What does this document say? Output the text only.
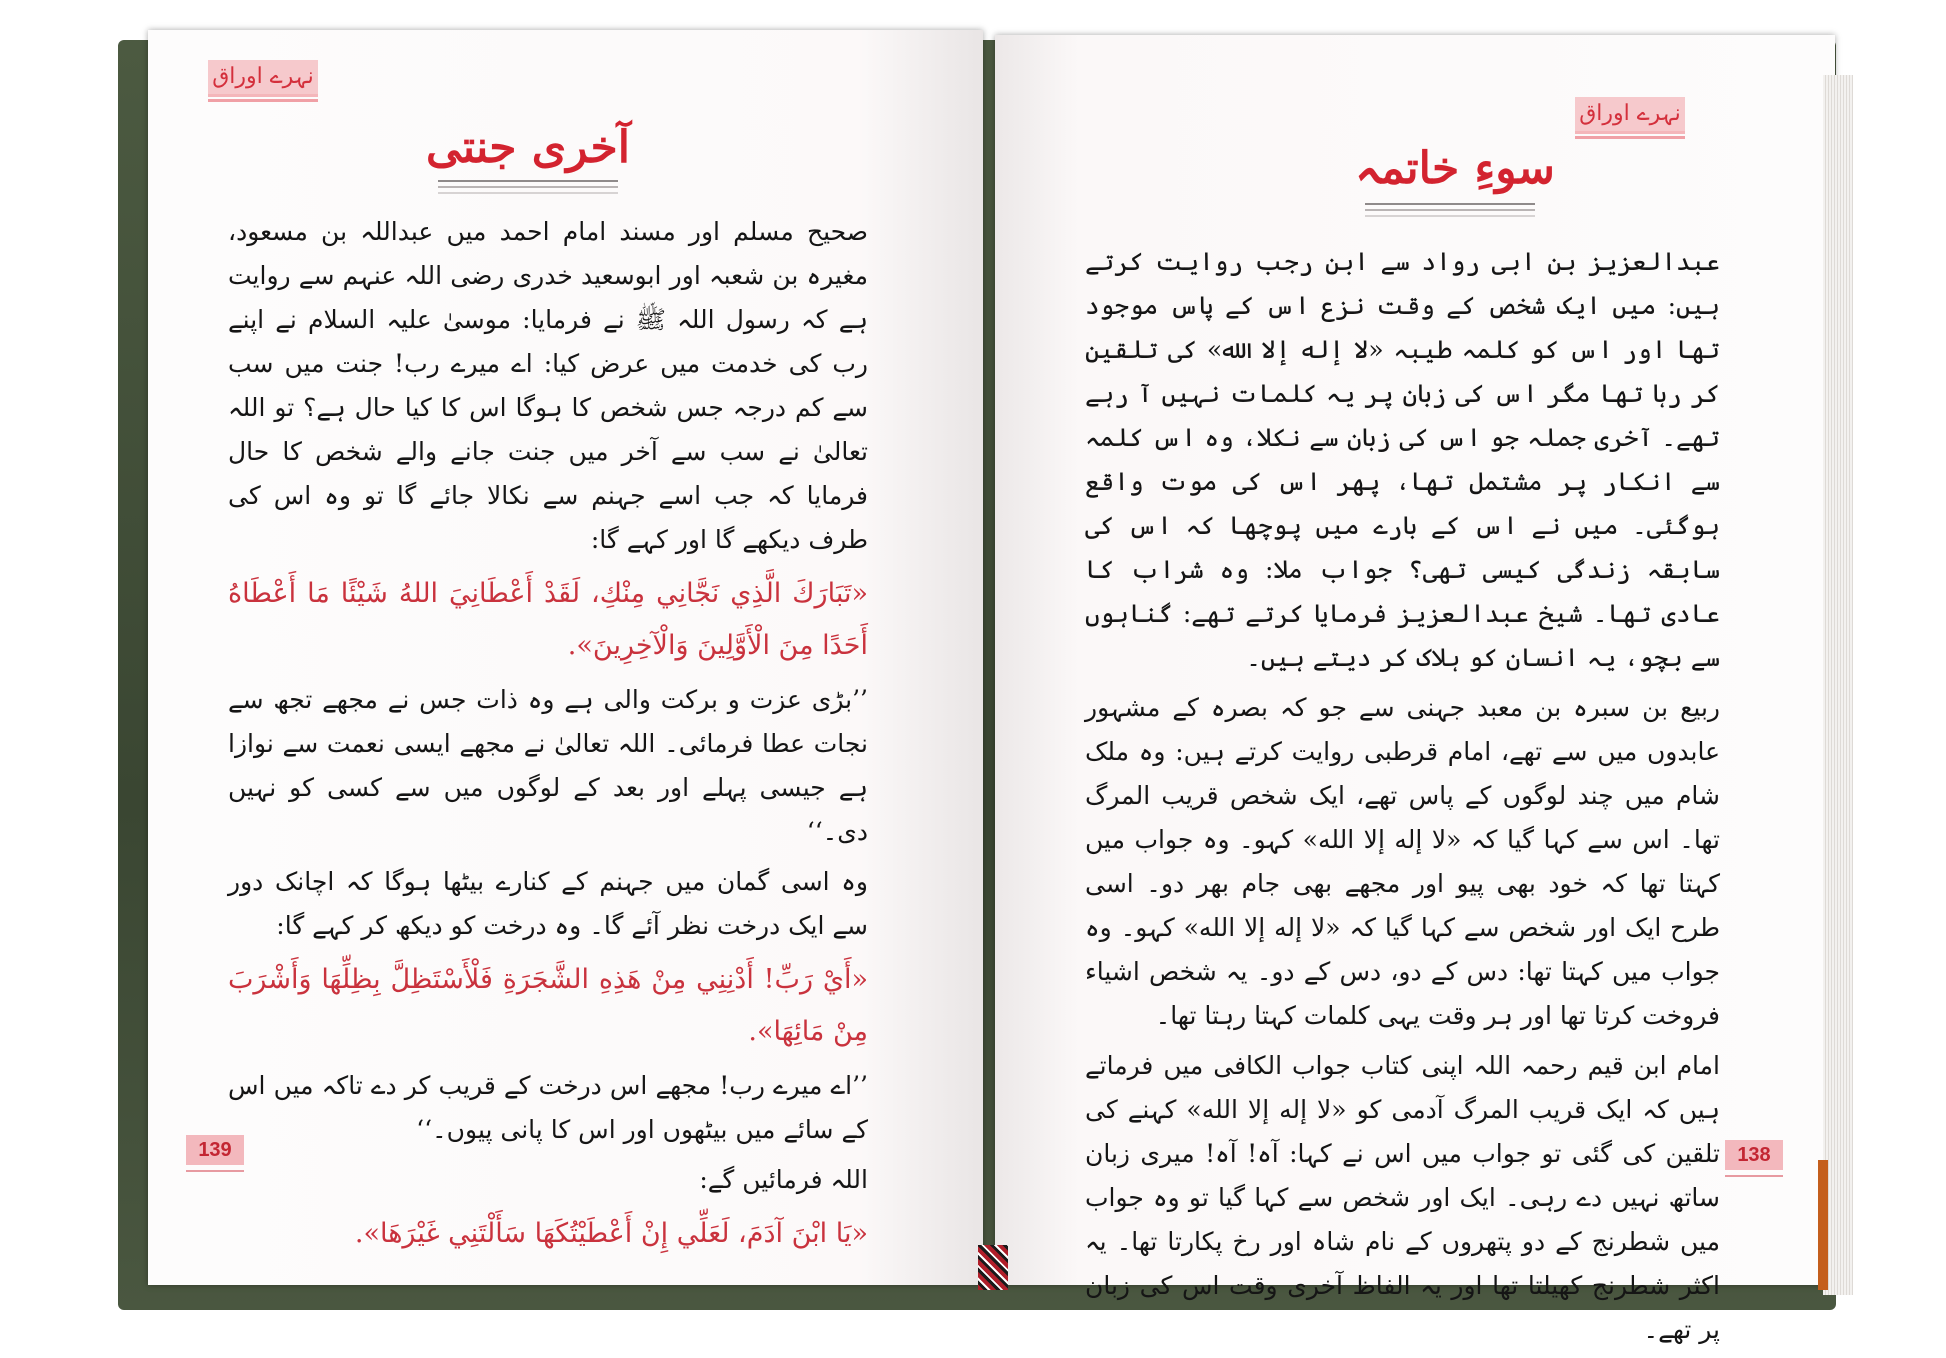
نہرے اوراق
آخری جنتی

صحیح مسلم اور مسند امام احمد میں عبداللہ بن مسعود، مغیرہ بن شعبہ اور ابوسعید خدری رضی اللہ عنہم سے روایت ہے کہ رسول اللہ ﷺ نے فرمایا: موسیٰ علیہ السلام نے اپنے رب کی خدمت میں عرض کیا: اے میرے رب! جنت میں سب سے کم درجہ جس شخص کا ہوگا اس کا کیا حال ہے؟ تو اللہ تعالیٰ نے سب سے آخر میں جنت جانے والے شخص کا حال فرمایا کہ جب اسے جہنم سے نکالا جائے گا تو وہ اس کی طرف دیکھے گا اور کہے گا:

«تَبَارَكَ الَّذِي نَجَّانِي مِنْكِ، لَقَدْ أَعْطَانِيَ اللهُ شَيْئًا مَا أَعْطَاهُ أَحَدًا مِنَ الْأَوَّلِينَ وَالْآخِرِينَ».

’’بڑی عزت و برکت والی ہے وہ ذات جس نے مجھے تجھ سے نجات عطا فرمائی۔ اللہ تعالیٰ نے مجھے ایسی نعمت سے نوازا ہے جیسی پہلے اور بعد کے لوگوں میں سے کسی کو نہیں دی۔‘‘

وہ اسی گمان میں جہنم کے کنارے بیٹھا ہوگا کہ اچانک دور سے ایک درخت نظر آئے گا۔ وہ درخت کو دیکھ کر کہے گا:

«أَيْ رَبِّ! أَدْنِنِي مِنْ هَذِهِ الشَّجَرَةِ فَلْأَسْتَظِلَّ بِظِلِّهَا وَأَشْرَبَ مِنْ مَائِهَا».

’’اے میرے رب! مجھے اس درخت کے قریب کر دے تاکہ میں اس کے سائے میں بیٹھوں اور اس کا پانی پیوں۔‘‘

اللہ فرمائیں گے:

«يَا ابْنَ آدَمَ، لَعَلِّي إِنْ أَعْطَيْتُكَهَا سَأَلْتَنِي غَيْرَهَا».

139
نہرے اوراق
سوءِ خاتمہ

عبدالعزیز بن ابی رواد سے ابن رجب روایت کرتے ہیں: میں ایک شخص کے وقت نزع اس کے پاس موجود تھا اور اس کو کلمہ طیبہ «لا إله إلا الله» کی تلقین کر رہا تھا مگر اس کی زبان پر یہ کلمات نہیں آ رہے تھے۔ آخری جملہ جو اس کی زبان سے نکلا، وہ اس کلمہ سے انکار پر مشتمل تھا، پھر اس کی موت واقع ہوگئی۔ میں نے اس کے بارے میں پوچھا کہ اس کی سابقہ زندگی کیسی تھی؟ جواب ملا: وہ شراب کا عادی تھا۔ شیخ عبدالعزیز فرمایا کرتے تھے: گناہوں سے بچو، یہ انسان کو ہلاک کر دیتے ہیں۔

ربیع بن سبرہ بن معبد جہنی سے جو کہ بصرہ کے مشہور عابدوں میں سے تھے، امام قرطبی روایت کرتے ہیں: وہ ملک شام میں چند لوگوں کے پاس تھے، ایک شخص قریب المرگ تھا۔ اس سے کہا گیا کہ «لا إله إلا الله» کہو۔ وہ جواب میں کہتا تھا کہ خود بھی پیو اور مجھے بھی جام بھر دو۔ اسی طرح ایک اور شخص سے کہا گیا کہ «لا إله إلا الله» کہو۔ وہ جواب میں کہتا تھا: دس کے دو، دس کے دو۔ یہ شخص اشیاء فروخت کرتا تھا اور ہر وقت یہی کلمات کہتا رہتا تھا۔

امام ابن قیم رحمہ اللہ اپنی کتاب جواب الکافی میں فرماتے ہیں کہ ایک قریب المرگ آدمی کو «لا إله إلا الله» کہنے کی تلقین کی گئی تو جواب میں اس نے کہا: آہ! آہ! میری زبان ساتھ نہیں دے رہی۔ ایک اور شخص سے کہا گیا تو وہ جواب میں شطرنج کے دو پتھروں کے نام شاہ اور رخ پکارتا تھا۔ یہ اکثر شطرنج کھیلتا تھا اور یہ الفاظ آخری وقت اس کی زبان پر تھے۔

138
